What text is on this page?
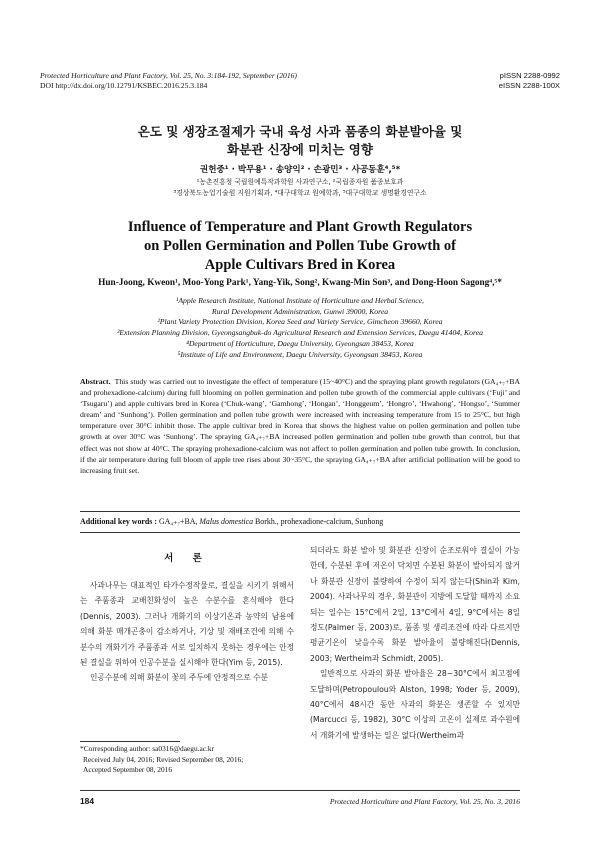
Protected Horticulture and Plant Factory, Vol. 25, No. 3:184-192, September (2016)
DOI http://dx.doi.org/10.12791/KSBEC.2016.25.3.184
pISSN 2288-0992
eISSN 2288-100X
온도 및 생장조절제가 국내 육성 사과 품종의 화분발아율 및
화분관 신장에 미치는 영향
권헌중¹ · 박무용¹ · 송양익² · 손광민³ · 사공동훈⁴,⁵*
¹농촌진흥청 국립원예특작과학원 사과연구소, ²국립종자원 품종보호과
³경상북도농업기술원 지원기획과, ⁴대구대학교 원예학과, ⁵대구대학교 생명환경연구소
Influence of Temperature and Plant Growth Regulators
on Pollen Germination and Pollen Tube Growth of
Apple Cultivars Bred in Korea
Hun-Joong, Kweon¹, Moo-Yong Park¹, Yang-Yik, Song², Kwang-Min Son³, and Dong-Hoon Sagong⁴,⁵*
¹Apple Research Institute, National Institute of Horticulture and Herbal Science,
Rural Development Administration, Gunwi 39000, Korea
²Plant Variety Protection Division, Korea Seed and Variety Service, Gimcheon 39660, Korea
³Extension Planning Division, Gyeongsangbuk-do Agricultural Research and Extension Services, Daegu 41404, Korea
⁴Department of Horticulture, Daegu University, Gyeongsan 38453, Korea
⁵Institute of Life and Environment, Daegu University, Gyeongsan 38453, Korea
Abstract. This study was carried out to investigate the effect of temperature (15~40°C) and the spraying plant growth regulators (GA₄₊₇+BA and prohexadione-calcium) during full blooming on pollen germination and pollen tube growth of the commercial apple cultivars (‘Fuji’ and ‘Tsugaru’) and apple cultivars bred in Korea (‘Chuk-wang’, ‘Gamhong’, ‘Hongan’, ‘Honggeum’, ‘Hongro’, ‘Hwahong’, ‘Hongso’, ‘Summer dream’ and ‘Sunhong’). Pollen germination and pollen tube growth were increased with increasing temperature from 15 to 25°C, but high temperature over 30°C inhibit those. The apple cultivar bred in Korea that shows the highest value on pollen germination and pollen tube growth at over 30°C was ‘Sunhong’. The spraying GA₄₊₇+BA increased pollen germination and pollen tube growth than control, but that effect was not show at 40°C. The spraying prohexadione-calcium was not affect to pollen germination and pollen tube growth. In conclusion, if the air temperature during full bloom of apple tree rises about 30~35°C, the spraying GA₄₊₇+BA after artificial pollination will be good to increasing fruit set.
Additional key words : GA₄₊₇+BA, Malus domestica Borkh., prohexadione-calcium, Sunhong
서 론

사과나무는 대표적인 타가수정작물로, 결실을 시키기 위해서는 주품종과 교배친화성이 높은 수분수를 혼식해야 한다(Dennis, 2003). 그러나 개화기의 이상기온과 농약의 남용에 의해 화분 매개곤충이 감소하거나, 기상 및 재배조건에 의해 수분수의 개화기가 주품종과 서로 일치하지 못하는 경우에는 안정된 결실을 위하여 인공수분을 실시해야 한다(Yim 등, 2015).

인공수분에 의해 화분이 꽃의 주두에 안정적으로 수분

되더라도 화분 발아 및 화분관 신장이 순조로워야 결실이 가능한데, 수분된 후에 저온이 닥치면 수분된 화분이 발아되지 않거나 화분관 신장이 불량하여 수정이 되지 않는다(Shin과 Kim, 2004). 사과나무의 경우, 화분관이 지방에 도달할 때까지 소요되는 일수는 15°C에서 2일, 13°C에서 4일, 9°C에서는 8일 정도(Palmer 등, 2003)로, 품종 및 생리조건에 따라 다르지만 평균기온이 낮을수록 화분 발아율이 불량해진다(Dennis, 2003; Wertheim과 Schmidt, 2005).

일반적으로 사과의 화분 발아율은 28~30°C에서 최고점에 도달하며(Petropoulou와 Alston, 1998; Yoder 등, 2009), 40°C에서 48시간 동안 사과의 화분은 생존할 수 있지만(Marcucci 등, 1982), 30°C 이상의 고온이 실제로 과수원에서 개화기에 발생하는 일은 없다(Wertheim과

*Corresponding author: sa0316@daegu.ac.kr
Received July 04, 2016; Revised September 08, 2016;
Accepted September 08, 2016
184	Protected Horticulture and Plant Factory, Vol. 25, No. 3, 2016
